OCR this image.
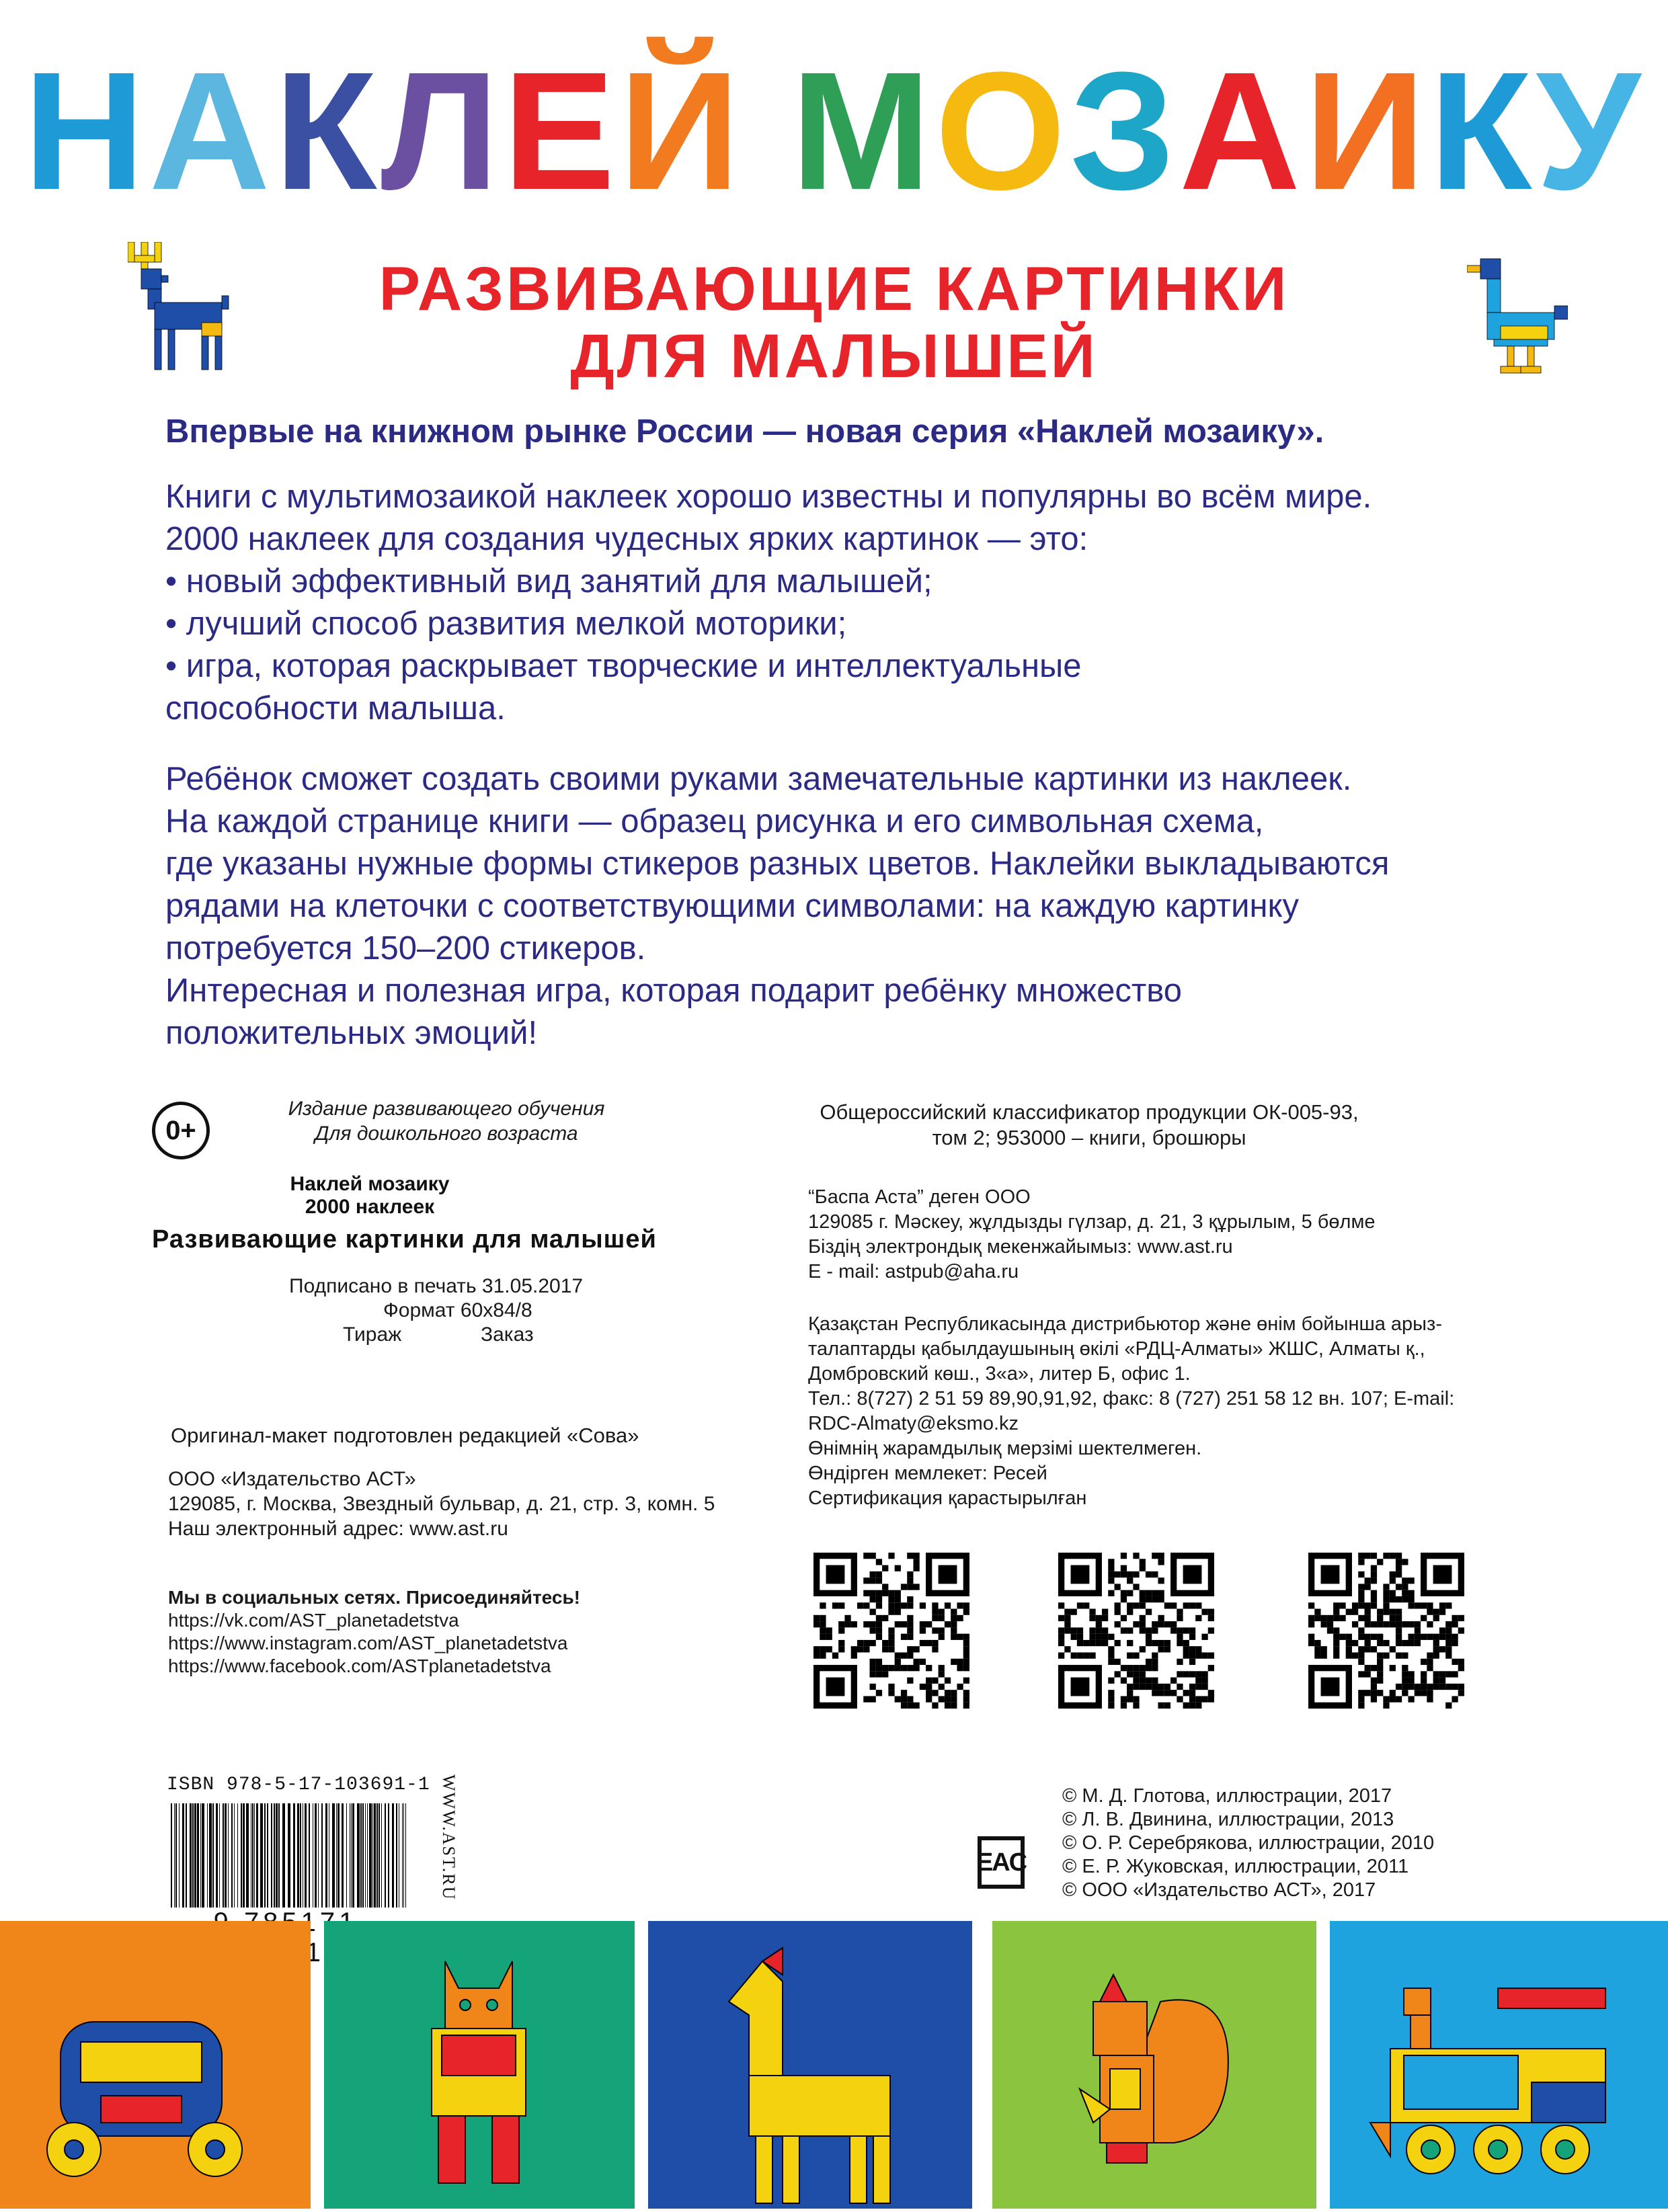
НАКЛЕЙ МОЗАИКУ
РАЗВИВАЮЩИЕ КАРТИНКИ
ДЛЯ МАЛЫШЕЙ
Впервые на книжном рынке России — новая серия «Наклей мозаику».
Книги с мультимозаикой наклеек хорошо известны и популярны во всём мире.
2000 наклеек для создания чудесных ярких картинок — это:
• новый эффективный вид занятий для малышей;
• лучший способ развития мелкой моторики;
• игра, которая раскрывает творческие и интеллектуальные
способности малыша.
Ребёнок сможет создать своими руками замечательные картинки из наклеек.
На каждой странице книги — образец рисунка и его символьная схема,
где указаны нужные формы стикеров разных цветов. Наклейки выкладываются
рядами на клеточки с соответствующими символами: на каждую картинку
потребуется 150–200 стикеров.
Интересная и полезная игра, которая подарит ребёнку множество
положительных эмоций!
0+
Издание развивающего обучения
Для дошкольного возраста
Наклей мозаику
2000 наклеек
Развивающие картинки для малышей
Подписано в печать 31.05.2017
Формат 60x84/8
Тираж	Заказ
Оригинал-макет подготовлен редакцией «Сова»
ООО «Издательство АСТ»
129085, г. Москва, Звездный бульвар, д. 21, стр. 3, комн. 5
Наш электронный адрес: www.ast.ru
Мы в социальных сетях. Присоединяйтесь!
https://vk.com/AST_planetadetstva
https://www.instagram.com/AST_planetadetstva
https://www.facebook.com/ASTplanetadetstva
Общероссийский классификатор продукции ОК-005-93,
том 2; 953000 – книги, брошюры
“Баспа Аста” деген ООО
129085 г. Мәскеу, жұлдызды гүлзар, д. 21, 3 құрылым, 5 бөлме
Біздің электрондық мекенжайымыз: www.ast.ru
E - mail: astpub@aha.ru
Қазақстан Республикасында дистрибьютор және өнім бойынша арыз-
талаптарды қабылдаушының өкілі «РДЦ-Алматы» ЖШС, Алматы қ.,
Домбровский көш., 3«а», литер Б, офис 1.
Тел.: 8(727) 2 51 59 89,90,91,92, факс: 8 (727) 251 58 12 вн. 107; E-mail:
RDC-Almaty@eksmo.kz
Өнімнің жарамдылық мерзімі шектелмеген.
Өндірген мемлекет: Ресей
Сертификация қарастырылған
ISBN 978-5-17-103691-1 WWW.AST.RU	EAC
© М. Д. Глотова, иллюстрации, 2017
© Л. В. Двинина, иллюстрации, 2013
© О. Р. Серебрякова, иллюстрации, 2010
© Е. Р. Жуковская, иллюстрации, 2011
© ООО «Издательство АСТ», 2017
